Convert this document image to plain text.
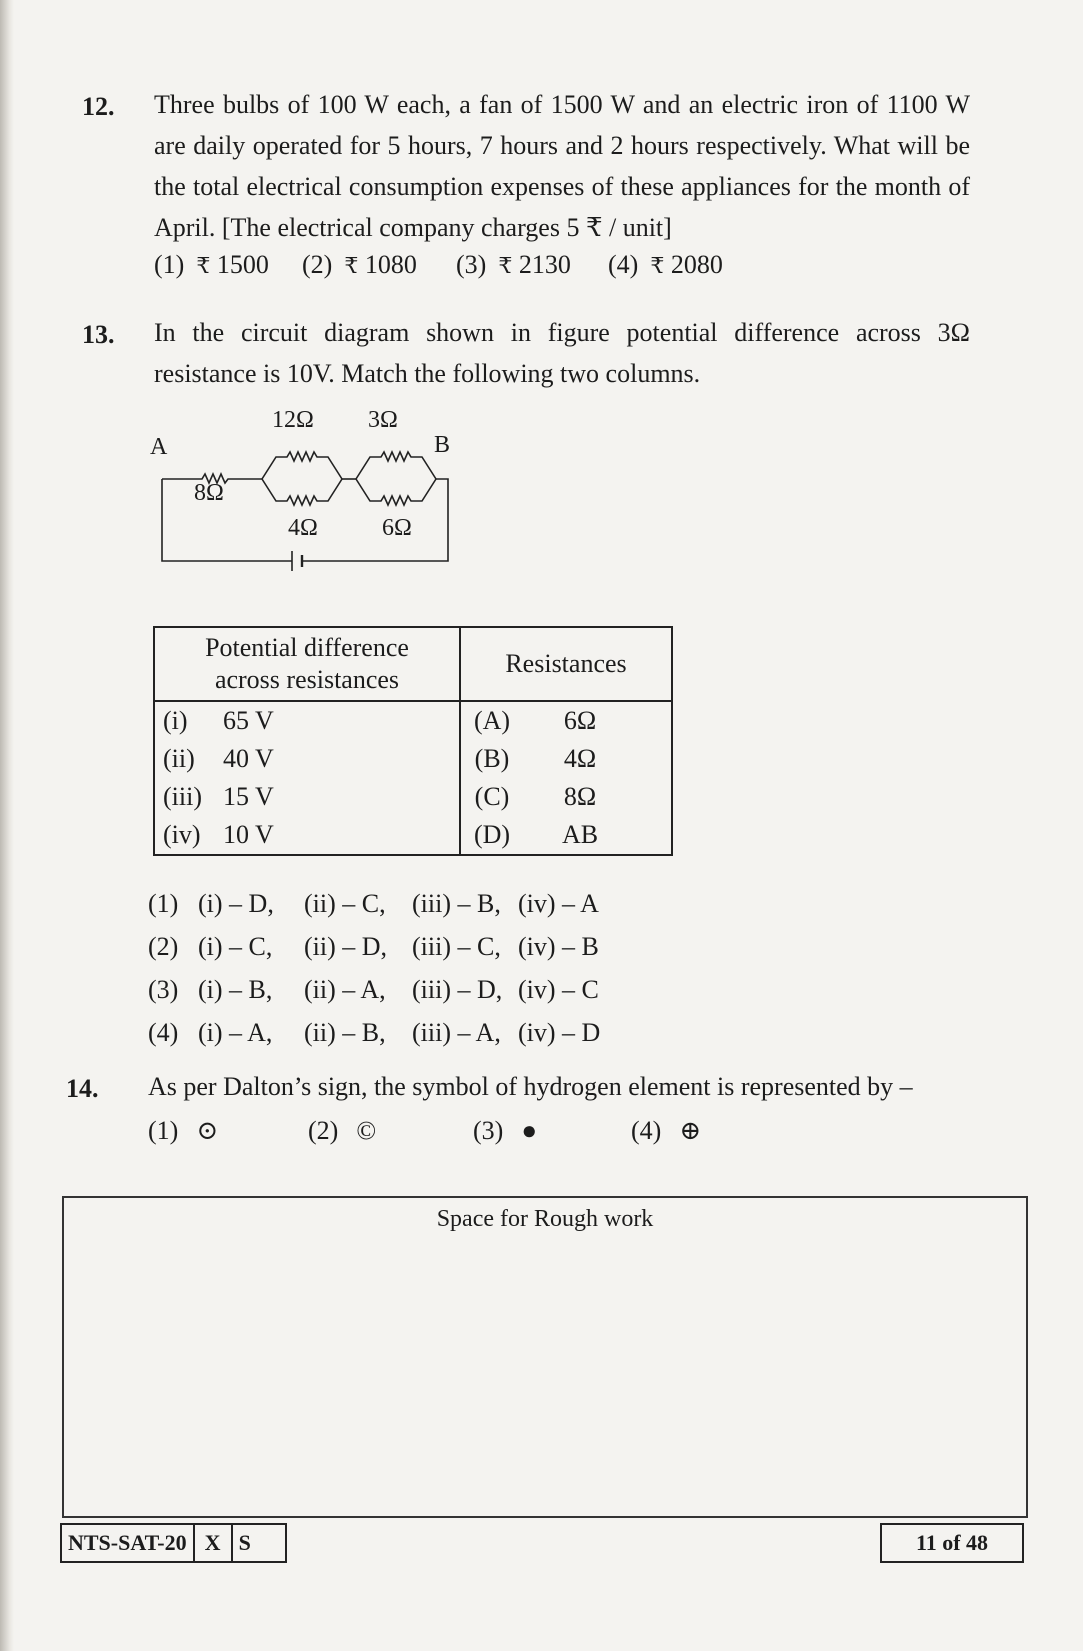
12. Three bulbs of 100 W each, a fan of 1500 W and an electric iron of 1100 W are daily operated for 5 hours, 7 hours and 2 hours respectively. What will be the total electrical consumption expenses of these appliances for the month of April. [The electrical company charges 5 ₹ / unit]
(1) ₹ 1500 (2) ₹ 1080 (3) ₹ 2130 (4) ₹ 2080
13. In the circuit diagram shown in figure potential difference across 3Ω resistance is 10V. Match the following two columns.
A	B
8Ω
12Ω
4Ω
3Ω
6Ω
Potential difference
across resistances		Resistances	
(i)	65 V	(A)	6Ω
(ii)	40 V	(B)	4Ω
(iii)	15 V	(C)	8Ω
(iv)	10 V	(D)	AB
(1) (i) – D,	(ii) – C,	(iii) – B, (iv) – A
(2) (i) – C,	(ii) – D, (iii) – C, (iv) – B
(3) (i) – B,	(ii) – A,	(iii) – D, (iv) – C
(4) (i) – A,	(ii) – B,	(iii) – A, (iv) – D
14. As per Dalton’s sign, the symbol of hydrogen element is represented by –
(1) ⊙	(2) ©	(3) ●	(4) ⊕
Space for Rough work
NTS-SAT-20 X S	11 of 48
